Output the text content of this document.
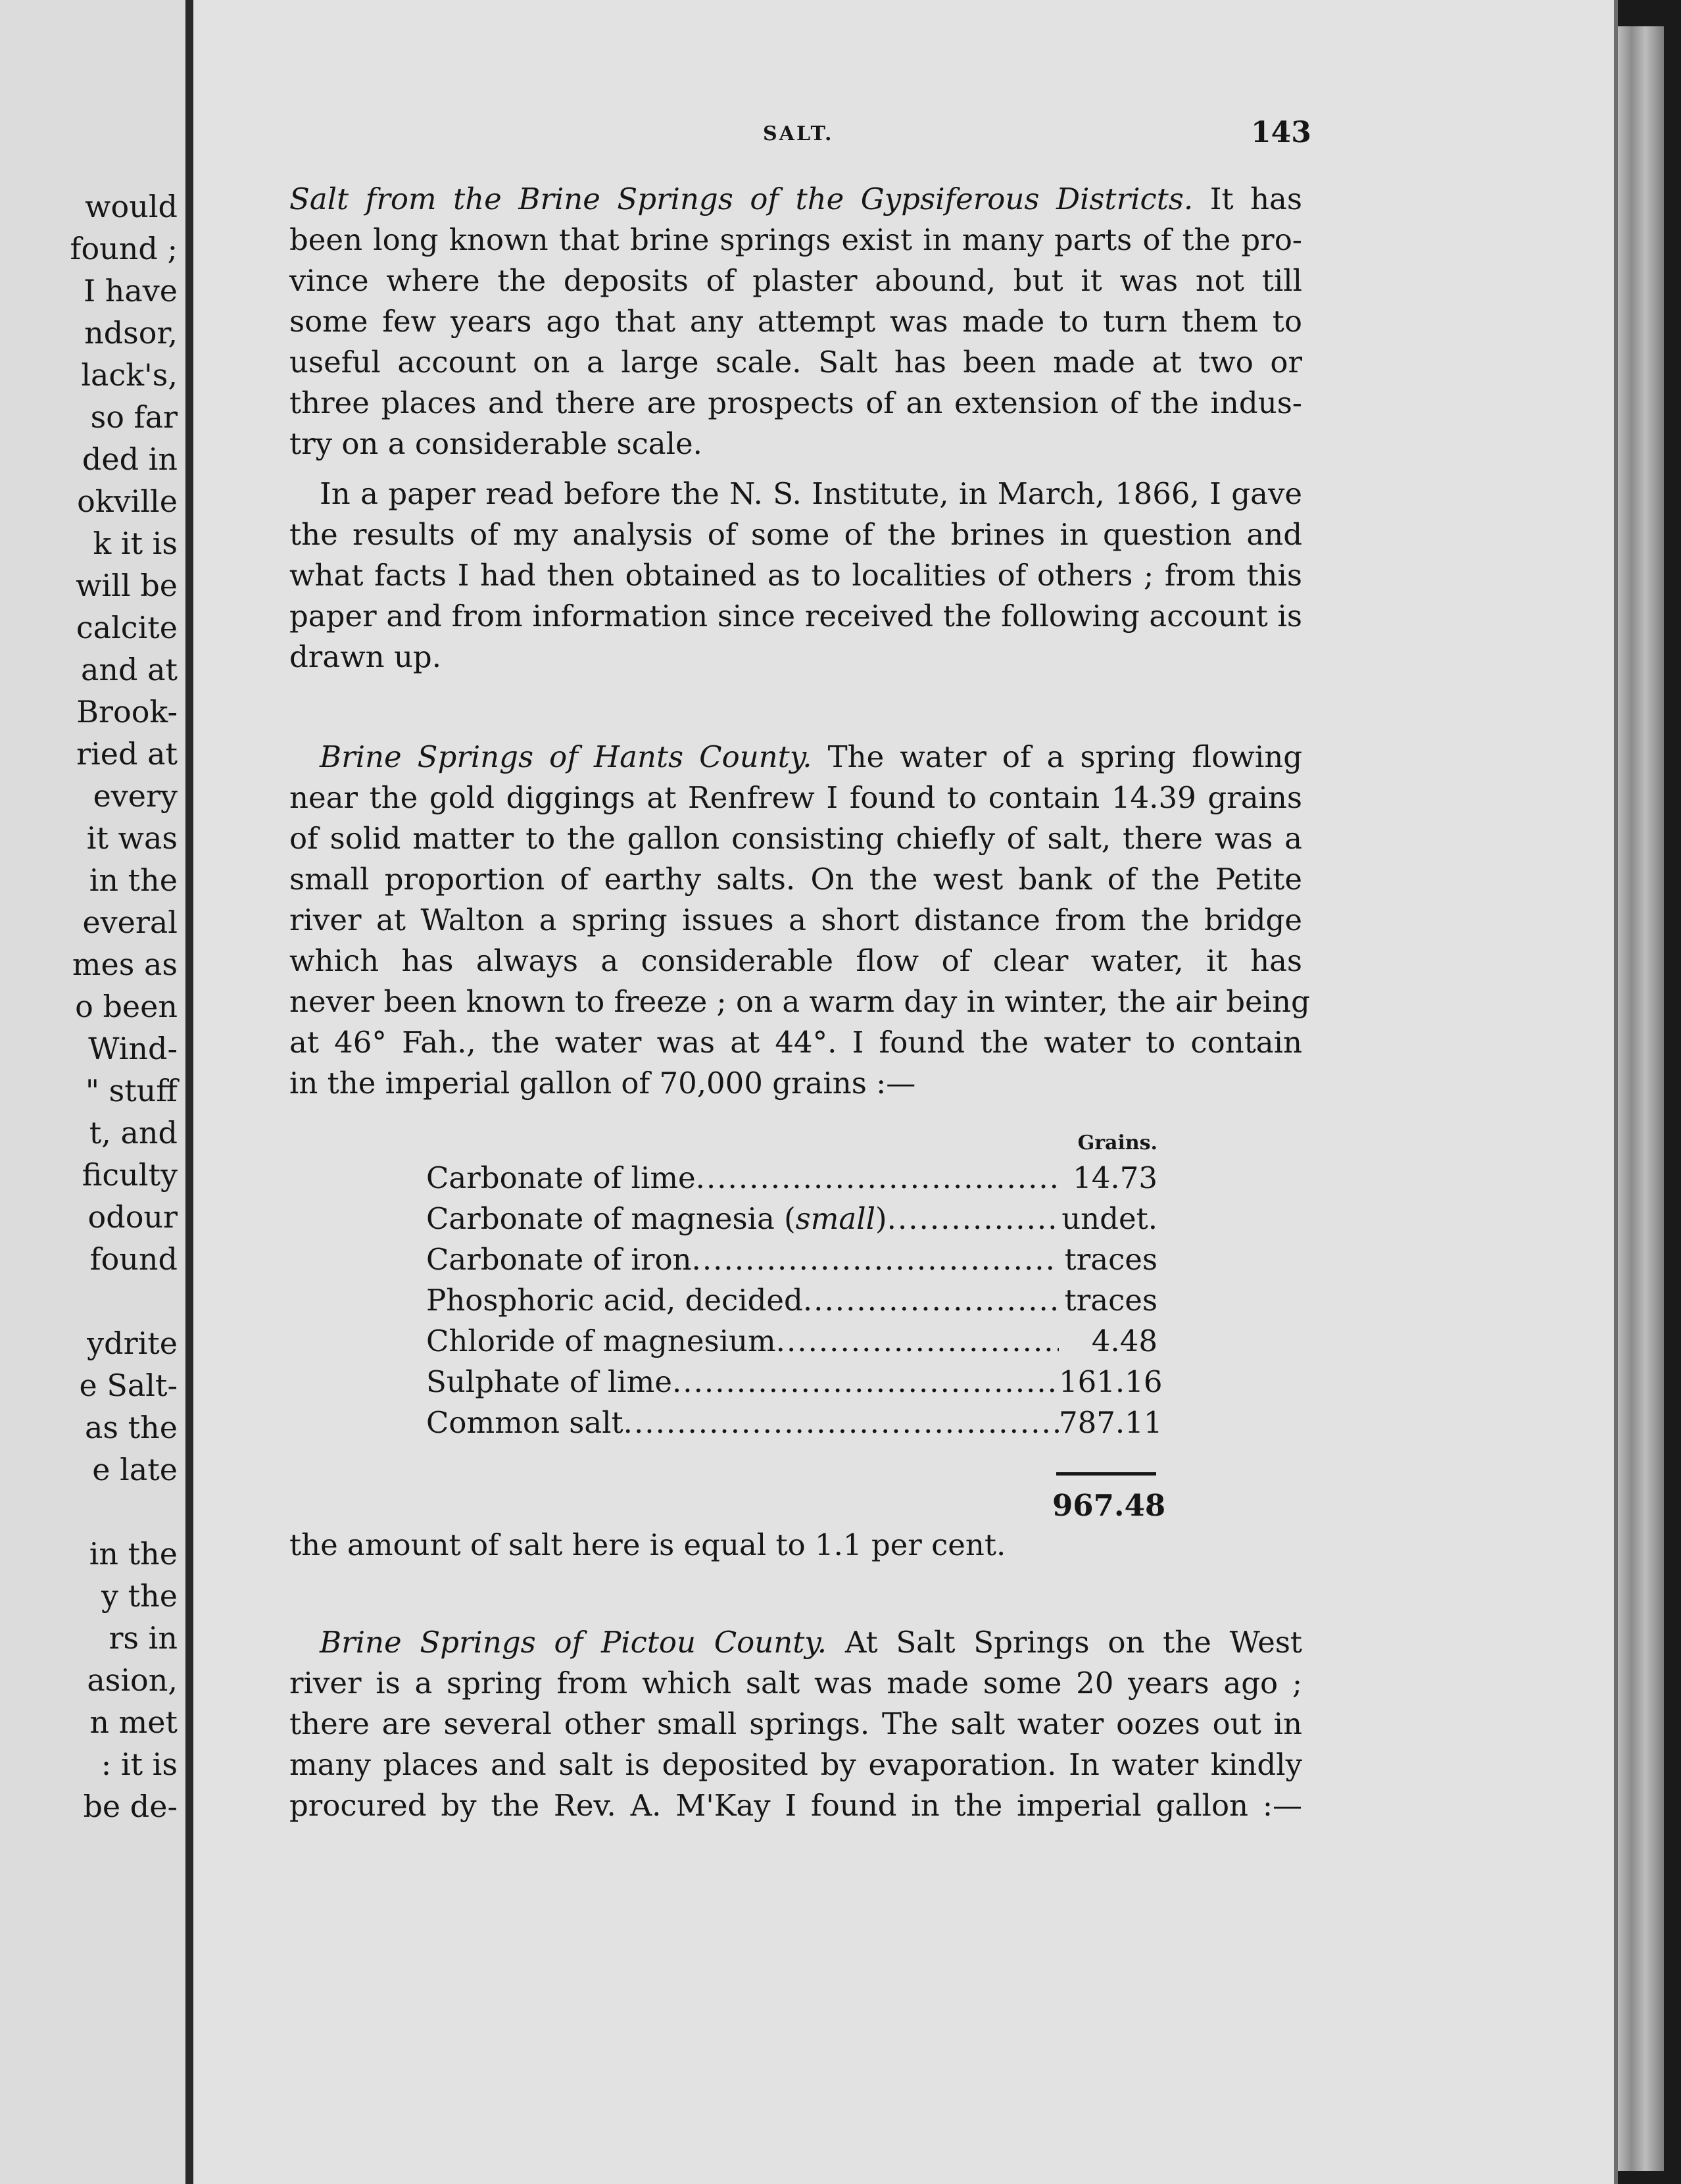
would
found ;
I have
ndsor,
lack's,
so far
ded in
okville
k it is
will be
calcite
and at
Brook-
ried at
every
it was
in the
everal
mes as
o been
Wind-
" stuff
t, and
ficulty
odour
found
ydrite
e Salt-
as the
e late
in the
y the
rs in
asion,
n met
: it is
be de-
SALT.	143
Salt from the Brine Springs of the Gypsiferous Districts. It has
been long known that brine springs exist in many parts of the pro-
vince where the deposits of plaster abound, but it was not till
some few years ago that any attempt was made to turn them to
useful account on a large scale. Salt has been made at two or
three places and there are prospects of an extension of the indus-
try on a considerable scale.
In a paper read before the N. S. Institute, in March, 1866, I gave
the results of my analysis of some of the brines in question and
what facts I had then obtained as to localities of others ; from this
paper and from information since received the following account is
drawn up.
Brine Springs of Hants County. The water of a spring flowing
near the gold diggings at Renfrew I found to contain 14.39 grains
of solid matter to the gallon consisting chiefly of salt, there was a
small proportion of earthy salts. On the west bank of the Petite
river at Walton a spring issues a short distance from the bridge
which has always a considerable flow of clear water, it has
never been known to freeze ; on a warm day in winter, the air being
at 46° Fah., the water was at 44°. I found the water to contain
in the imperial gallon of 70,000 grains :—
Grains.
Carbonate of lime .....	14.73
Carbonate of magnesia (small) .....	undet.
Carbonate of iron .....	traces
Phosphoric acid, decided .....	traces
Chloride of magnesium .....	4.48
Sulphate of lime .....	161.16
Common salt .....	787.11
967.48
the amount of salt here is equal to 1.1 per cent.
Brine Springs of Pictou County. At Salt Springs on the West
river is a spring from which salt was made some 20 years ago ;
there are several other small springs. The salt water oozes out in
many places and salt is deposited by evaporation. In water kindly
procured by the Rev. A. M'Kay I found in the imperial gallon :—
